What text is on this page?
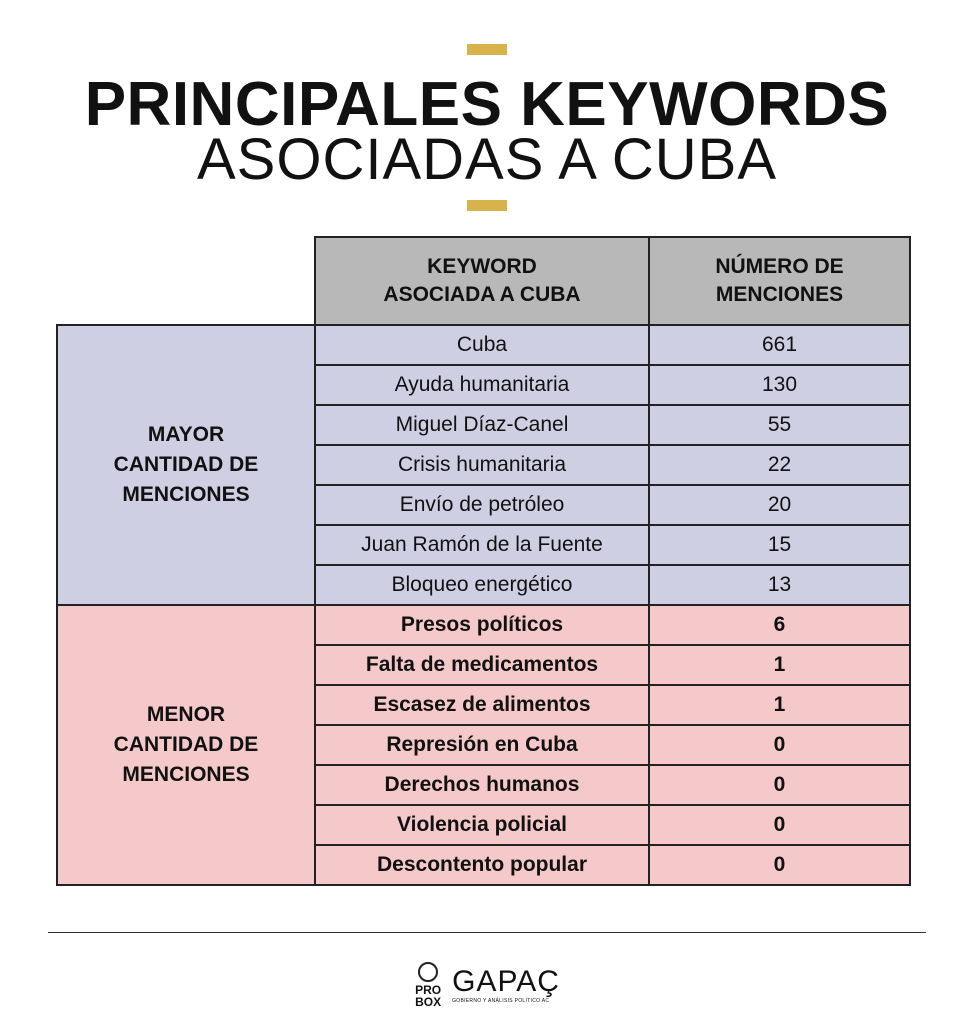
PRINCIPALES KEYWORDS
ASOCIADAS A CUBA

	KEYWORD ASOCIADA A CUBA	NÚMERO DE MENCIONES

MAYOR CANTIDAD DE MENCIONES	Cuba	661
	Ayuda humanitaria	130
	Miguel Díaz-Canel	55
	Crisis humanitaria	22
	Envío de petróleo	20
	Juan Ramón de la Fuente	15
	Bloqueo energético	13

MENOR CANTIDAD DE MENCIONES	Presos políticos	6
	Falta de medicamentos	1
	Escasez de alimentos	1
	Represión en Cuba	0
	Derechos humanos	0
	Violencia policial	0
	Descontento popular	0
PRO
BOX
GAPAÇ
GOBIERNO Y ANÁLISIS POLÍTICO AC
